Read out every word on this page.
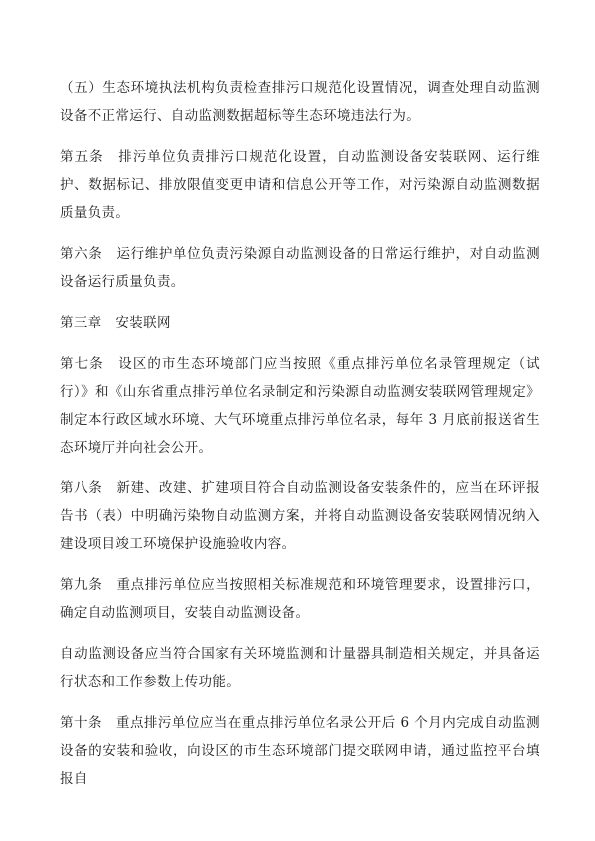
（五）生态环境执法机构负责检查排污口规范化设置情况，调查处理自动监测设备不正常运行、自动监测数据超标等生态环境违法行为。
第五条　排污单位负责排污口规范化设置，自动监测设备安装联网、运行维护、数据标记、排放限值变更申请和信息公开等工作，对污染源自动监测数据质量负责。
第六条　运行维护单位负责污染源自动监测设备的日常运行维护，对自动监测设备运行质量负责。
第三章　安装联网
第七条　设区的市生态环境部门应当按照《重点排污单位名录管理规定（试行）》和《山东省重点排污单位名录制定和污染源自动监测安装联网管理规定》制定本行政区域水环境、大气环境重点排污单位名录，每年 3 月底前报送省生态环境厅并向社会公开。
第八条　新建、改建、扩建项目符合自动监测设备安装条件的，应当在环评报告书（表）中明确污染物自动监测方案，并将自动监测设备安装联网情况纳入建设项目竣工环境保护设施验收内容。
第九条　重点排污单位应当按照相关标准规范和环境管理要求，设置排污口，确定自动监测项目，安装自动监测设备。
自动监测设备应当符合国家有关环境监测和计量器具制造相关规定，并具备运行状态和工作参数上传功能。
第十条　重点排污单位应当在重点排污单位名录公开后 6 个月内完成自动监测设备的安装和验收，向设区的市生态环境部门提交联网申请，通过监控平台填报自
